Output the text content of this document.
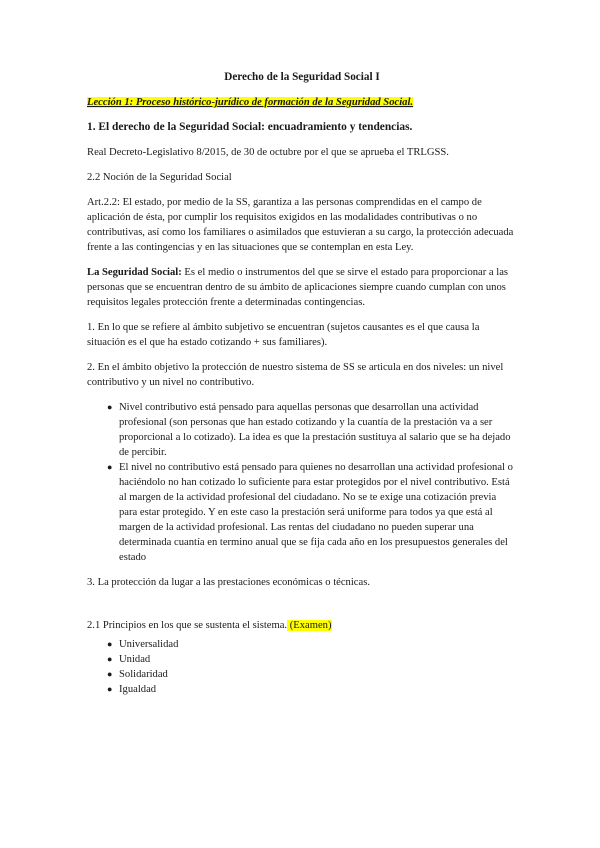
Derecho de la Seguridad Social I

Lección 1: Proceso histórico-jurídico de formación de la Seguridad Social.

1. El derecho de la Seguridad Social: encuadramiento y tendencias.

Real Decreto-Legislativo 8/2015, de 30 de octubre por el que se aprueba el TRLGSS.

2.2 Noción de la Seguridad Social

Art.2.2: El estado, por medio de la SS, garantiza a las personas comprendidas en el campo de aplicación de ésta, por cumplir los requisitos exigidos en las modalidades contributivas o no contributivas, así como los familiares o asimilados que estuvieran a su cargo, la protección adecuada frente a las contingencias y en las situaciones que se contemplan en esta Ley.

La Seguridad Social: Es el medio o instrumentos del que se sirve el estado para proporcionar a las personas que se encuentran dentro de su ámbito de aplicaciones siempre cuando cumplan con unos requisitos legales protección frente a determinadas contingencias.

1. En lo que se refiere al ámbito subjetivo se encuentran (sujetos causantes es el que causa la situación es el que ha estado cotizando + sus familiares).

2. En el ámbito objetivo la protección de nuestro sistema de SS se articula en dos niveles: un nivel contributivo y un nivel no contributivo.

● Nivel contributivo está pensado para aquellas personas que desarrollan una actividad profesional (son personas que han estado cotizando y la cuantía de la prestación va a ser proporcional a lo cotizado). La idea es que la prestación sustituya al salario que se ha dejado de percibir.
● El nivel no contributivo está pensado para quienes no desarrollan una actividad profesional o haciéndolo no han cotizado lo suficiente para estar protegidos por el nivel contributivo. Está al margen de la actividad profesional del ciudadano. No se te exige una cotización previa para estar protegido. Y en este caso la prestación será uniforme para todos ya que está al margen de la actividad profesional. Las rentas del ciudadano no pueden superar una determinada cuantía en termino anual que se fija cada año en los presupuestos generales del estado

3. La protección da lugar a las prestaciones económicas o técnicas.

2.1 Principios en los que se sustenta el sistema. (Examen)

● Universalidad
● Unidad
● Solidaridad
● Igualdad
